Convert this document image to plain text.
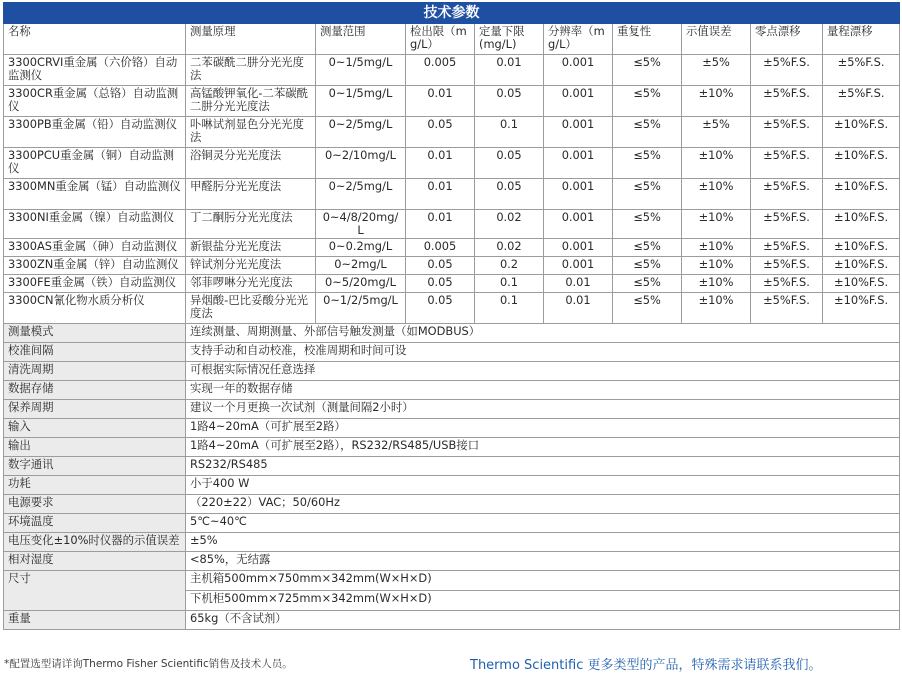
技术参数									
名称	测量原理	测量范围	检出限（mg/L）	定量下限(mg/L)	分辨率（mg/L）	重复性	示值误差	零点漂移	量程漂移
3300CRVI重金属（六价铬）自动监测仪	二苯碳酰二肼分光光度法	0~1/5mg/L	0.005	0.01	0.001	≤5%	±5%	±5%F.S.	±5%F.S.
3300CR重金属（总铬）自动监测仪	高锰酸钾氧化-二苯碳酰二肼分光光度法	0~1/5mg/L	0.01	0.05	0.001	≤5%	±10%	±5%F.S.	±5%F.S.
3300PB重金属（铅）自动监测仪	卟啉试剂显色分光光度法	0~2/5mg/L	0.05	0.1	0.001	≤5%	±5%	±5%F.S.	±10%F.S.
3300PCU重金属（铜）自动监测仪	浴铜灵分光光度法	0~2/10mg/L	0.01	0.05	0.001	≤5%	±10%	±5%F.S.	±10%F.S.
3300MN重金属（锰）自动监测仪	甲醛肟分光光度法	0~2/5mg/L	0.01	0.05	0.001	≤5%	±10%	±5%F.S.	±10%F.S.
3300NI重金属（镍）自动监测仪	丁二酮肟分光光度法	0~4/8/20mg/L	0.01	0.02	0.001	≤5%	±10%	±5%F.S.	±10%F.S.
3300AS重金属（砷）自动监测仪	新银盐分光光度法	0~0.2mg/L	0.005	0.02	0.001	≤5%	±10%	±5%F.S.	±10%F.S.
3300ZN重金属（锌）自动监测仪	锌试剂分光光度法	0~2mg/L	0.05	0.2	0.001	≤5%	±10%	±5%F.S.	±10%F.S.
3300FE重金属（铁）自动监测仪	邻菲啰啉分光光度法	0~5/20mg/L	0.05	0.1	0.01	≤5%	±10%	±5%F.S.	±10%F.S.
3300CN氰化物水质分析仪	异烟酸-巴比妥酸分光光度法	0~1/2/5mg/L	0.05	0.1	0.01	≤5%	±10%	±5%F.S.	±10%F.S.
测量模式	连续测量、周期测量、外部信号触发测量（如MODBUS）								
校准间隔	支持手动和自动校准，校准周期和时间可设								
清洗周期	可根据实际情况任意选择								
数据存储	实现一年的数据存储								
保养周期	建议一个月更换一次试剂（测量间隔2小时）								
输入	1路4~20mA（可扩展至2路）								
输出	1路4~20mA（可扩展至2路），RS232/RS485/USB接口								
数字通讯	RS232/RS485								
功耗	小于400 W								
电源要求	（220±22）VAC；50/60Hz								
环境温度	5℃~40℃								
电压变化±10%时仪器的示值误差	±5%								
相对湿度	<85%，无结露								
尺寸	主机箱500mm×750mm×342mm(W×H×D)								
	下机柜500mm×725mm×342mm(W×H×D)								
重量	65kg（不含试剂）								
*配置选型请详询Thermo Fisher Scientific销售及技术人员。	Thermo Scientific 更多类型的产品，特殊需求请联系我们。
